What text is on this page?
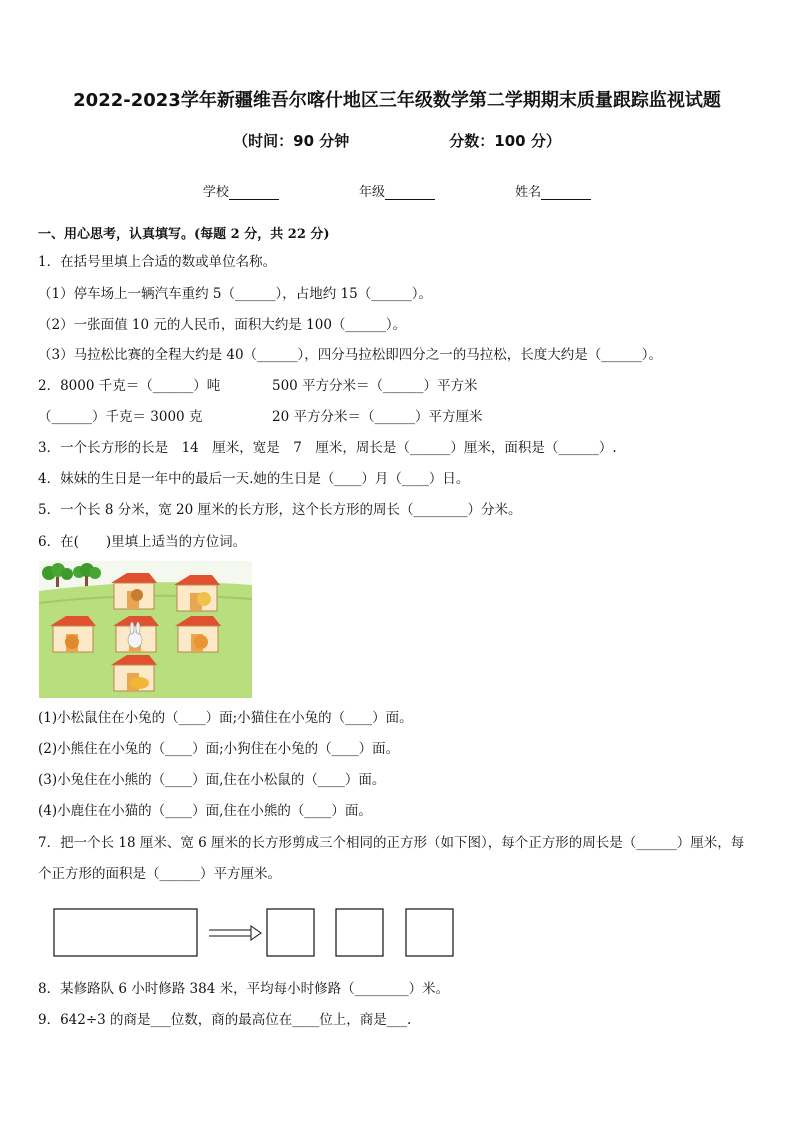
2022-2023学年新疆维吾尔喀什地区三年级数学第二学期期末质量跟踪监视试题
（时间：90 分钟	分数：100 分）
学校	年级	姓名
一、用心思考，认真填写。(每题 2 分，共 22 分)
1．在括号里填上合适的数或单位名称。
（1）停车场上一辆汽车重约 5（______），占地约 15（______）。
（2）一张面值 10 元的人民币，面积大约是 100（______）。
（3）马拉松比赛的全程大约是 40（______），四分马拉松即四分之一的马拉松，长度大约是（______）。
2．8000 千克＝（______）吨	500 平方分米＝（______）平方米
（______）千克＝ 3000 克	20 平方分米＝（______）平方厘米
3．一个长方形的长是　14　厘米，宽是　7　厘米，周长是（______）厘米，面积是（______）.
4．妹妹的生日是一年中的最后一天.她的生日是（____）月（____）日。
5．一个长 8 分米，宽 20 厘米的长方形，这个长方形的周长（________）分米。
6．在(　　)里填上适当的方位词。
(1)小松鼠住在小兔的（____）面;小猫住在小兔的（____）面。
(2)小熊住在小兔的（____）面;小狗住在小兔的（____）面。
(3)小兔住在小熊的（____）面,住在小松鼠的（____）面。
(4)小鹿住在小猫的（____）面,住在小熊的（____）面。
7．把一个长 18 厘米、宽 6 厘米的长方形剪成三个相同的正方形（如下图），每个正方形的周长是（______）厘米，每
个正方形的面积是（______）平方厘米。
8．某修路队 6 小时修路 384 米，平均每小时修路（________）米。
9．642÷3 的商是___位数，商的最高位在____位上，商是___.
